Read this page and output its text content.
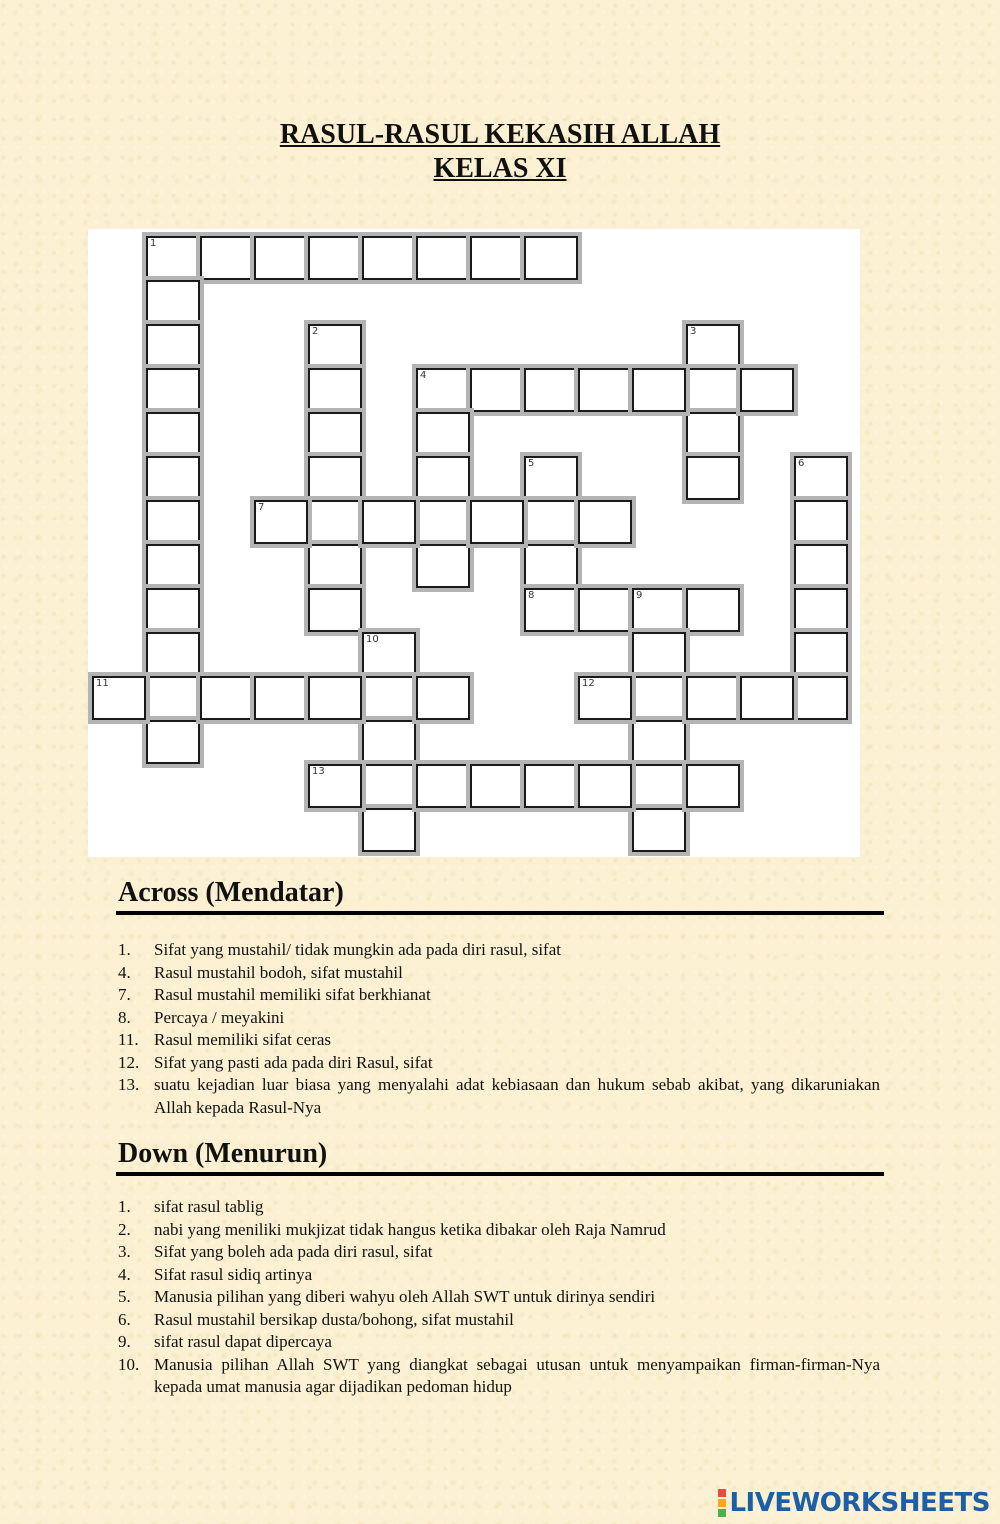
RASUL-RASUL KEKASIH ALLAH
KELAS XI
1
2	3
4
5
8
6
7
9
10
11	12
13
Across (Mendatar)
1.	Sifat yang mustahil/ tidak mungkin ada pada diri rasul, sifat
4.	Rasul mustahil bodoh, sifat mustahil
7.	Rasul mustahil memiliki sifat berkhianat
8.	Percaya / meyakini
11. Rasul memiliki sifat ceras
12. Sifat yang pasti ada pada diri Rasul, sifat
13. suatu kejadian luar biasa yang menyalahi adat kebiasaan dan hukum sebab akibat, yang dikaruniakan Allah kepada Rasul-Nya
Down (Menurun)
1.	sifat rasul tablig
2.	nabi yang meniliki mukjizat tidak hangus ketika dibakar oleh Raja Namrud
3.	Sifat yang boleh ada pada diri rasul, sifat
4.	Sifat rasul sidiq artinya
5.	Manusia pilihan yang diberi wahyu oleh Allah SWT untuk dirinya sendiri
6.	Rasul mustahil bersikap dusta/bohong, sifat mustahil
9.	sifat rasul dapat dipercaya
10. Manusia pilihan Allah SWT yang diangkat sebagai utusan untuk menyampaikan firman-firman-Nya kepada umat manusia agar dijadikan pedoman hidup
LIVEWORKSHEETS
